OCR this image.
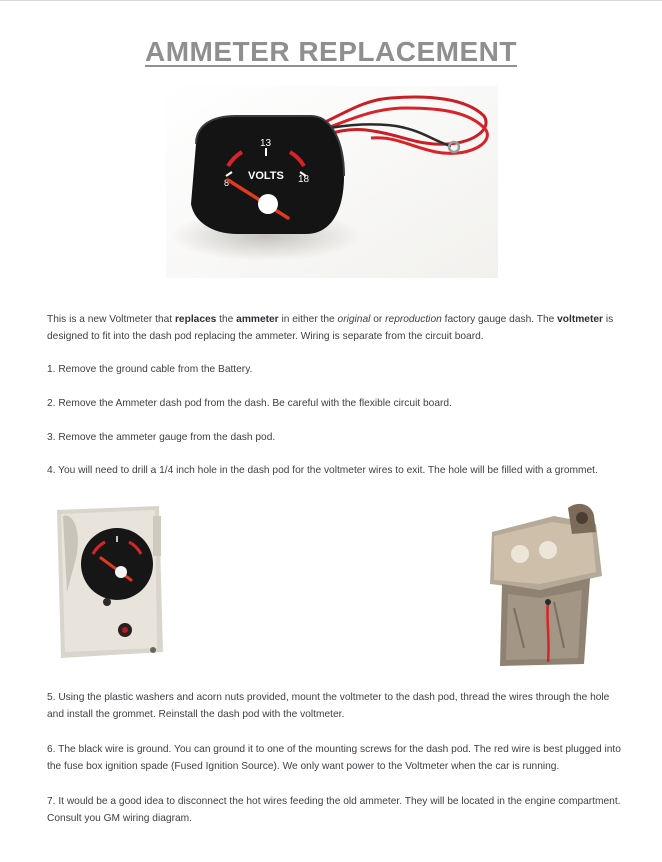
AMMETER REPLACEMENT
13
8	18
VOLTS
This is a new Voltmeter that replaces the ammeter in either the original or reproduction factory gauge dash. The voltmeter is designed to fit into the dash pod replacing the ammeter. Wiring is separate from the circuit board.
1. Remove the ground cable from the Battery.
2. Remove the Ammeter dash pod from the dash. Be careful with the flexible circuit board.
3. Remove the ammeter gauge from the dash pod.
4. You will need to drill a 1/4 inch hole in the dash pod for the voltmeter wires to exit. The hole will be filled with a grommet.
5. Using the plastic washers and acorn nuts provided, mount the voltmeter to the dash pod, thread the wires through the hole and install the grommet. Reinstall the dash pod with the voltmeter.
6. The black wire is ground. You can ground it to one of the mounting screws for the dash pod. The red wire is best plugged into the fuse box ignition spade (Fused Ignition Source). We only want power to the Voltmeter when the car is running.
7. It would be a good idea to disconnect the hot wires feeding the old ammeter. They will be located in the engine compartment. Consult you GM wiring diagram.
